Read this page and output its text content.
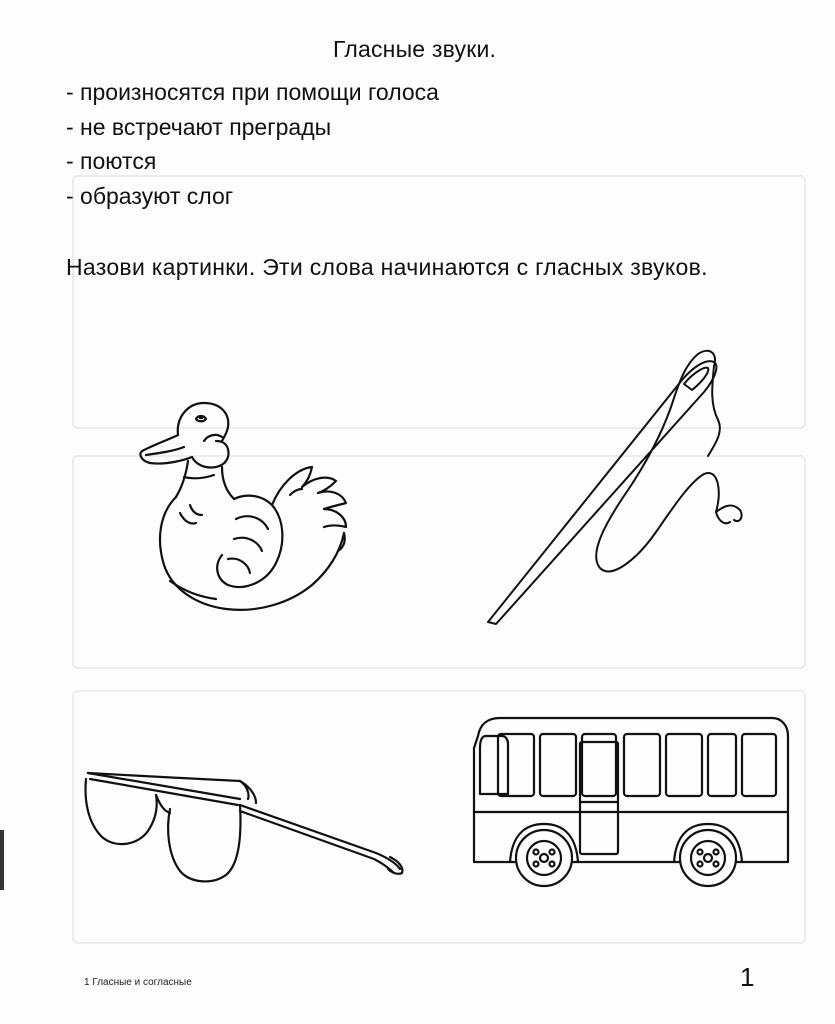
Гласные звуки.
- произносятся при помощи голоса
- не встречают преграды
- поются
- образуют слог
Назови картинки. Эти слова начинаются с гласных звуков.
1 Гласные и согласные	1
